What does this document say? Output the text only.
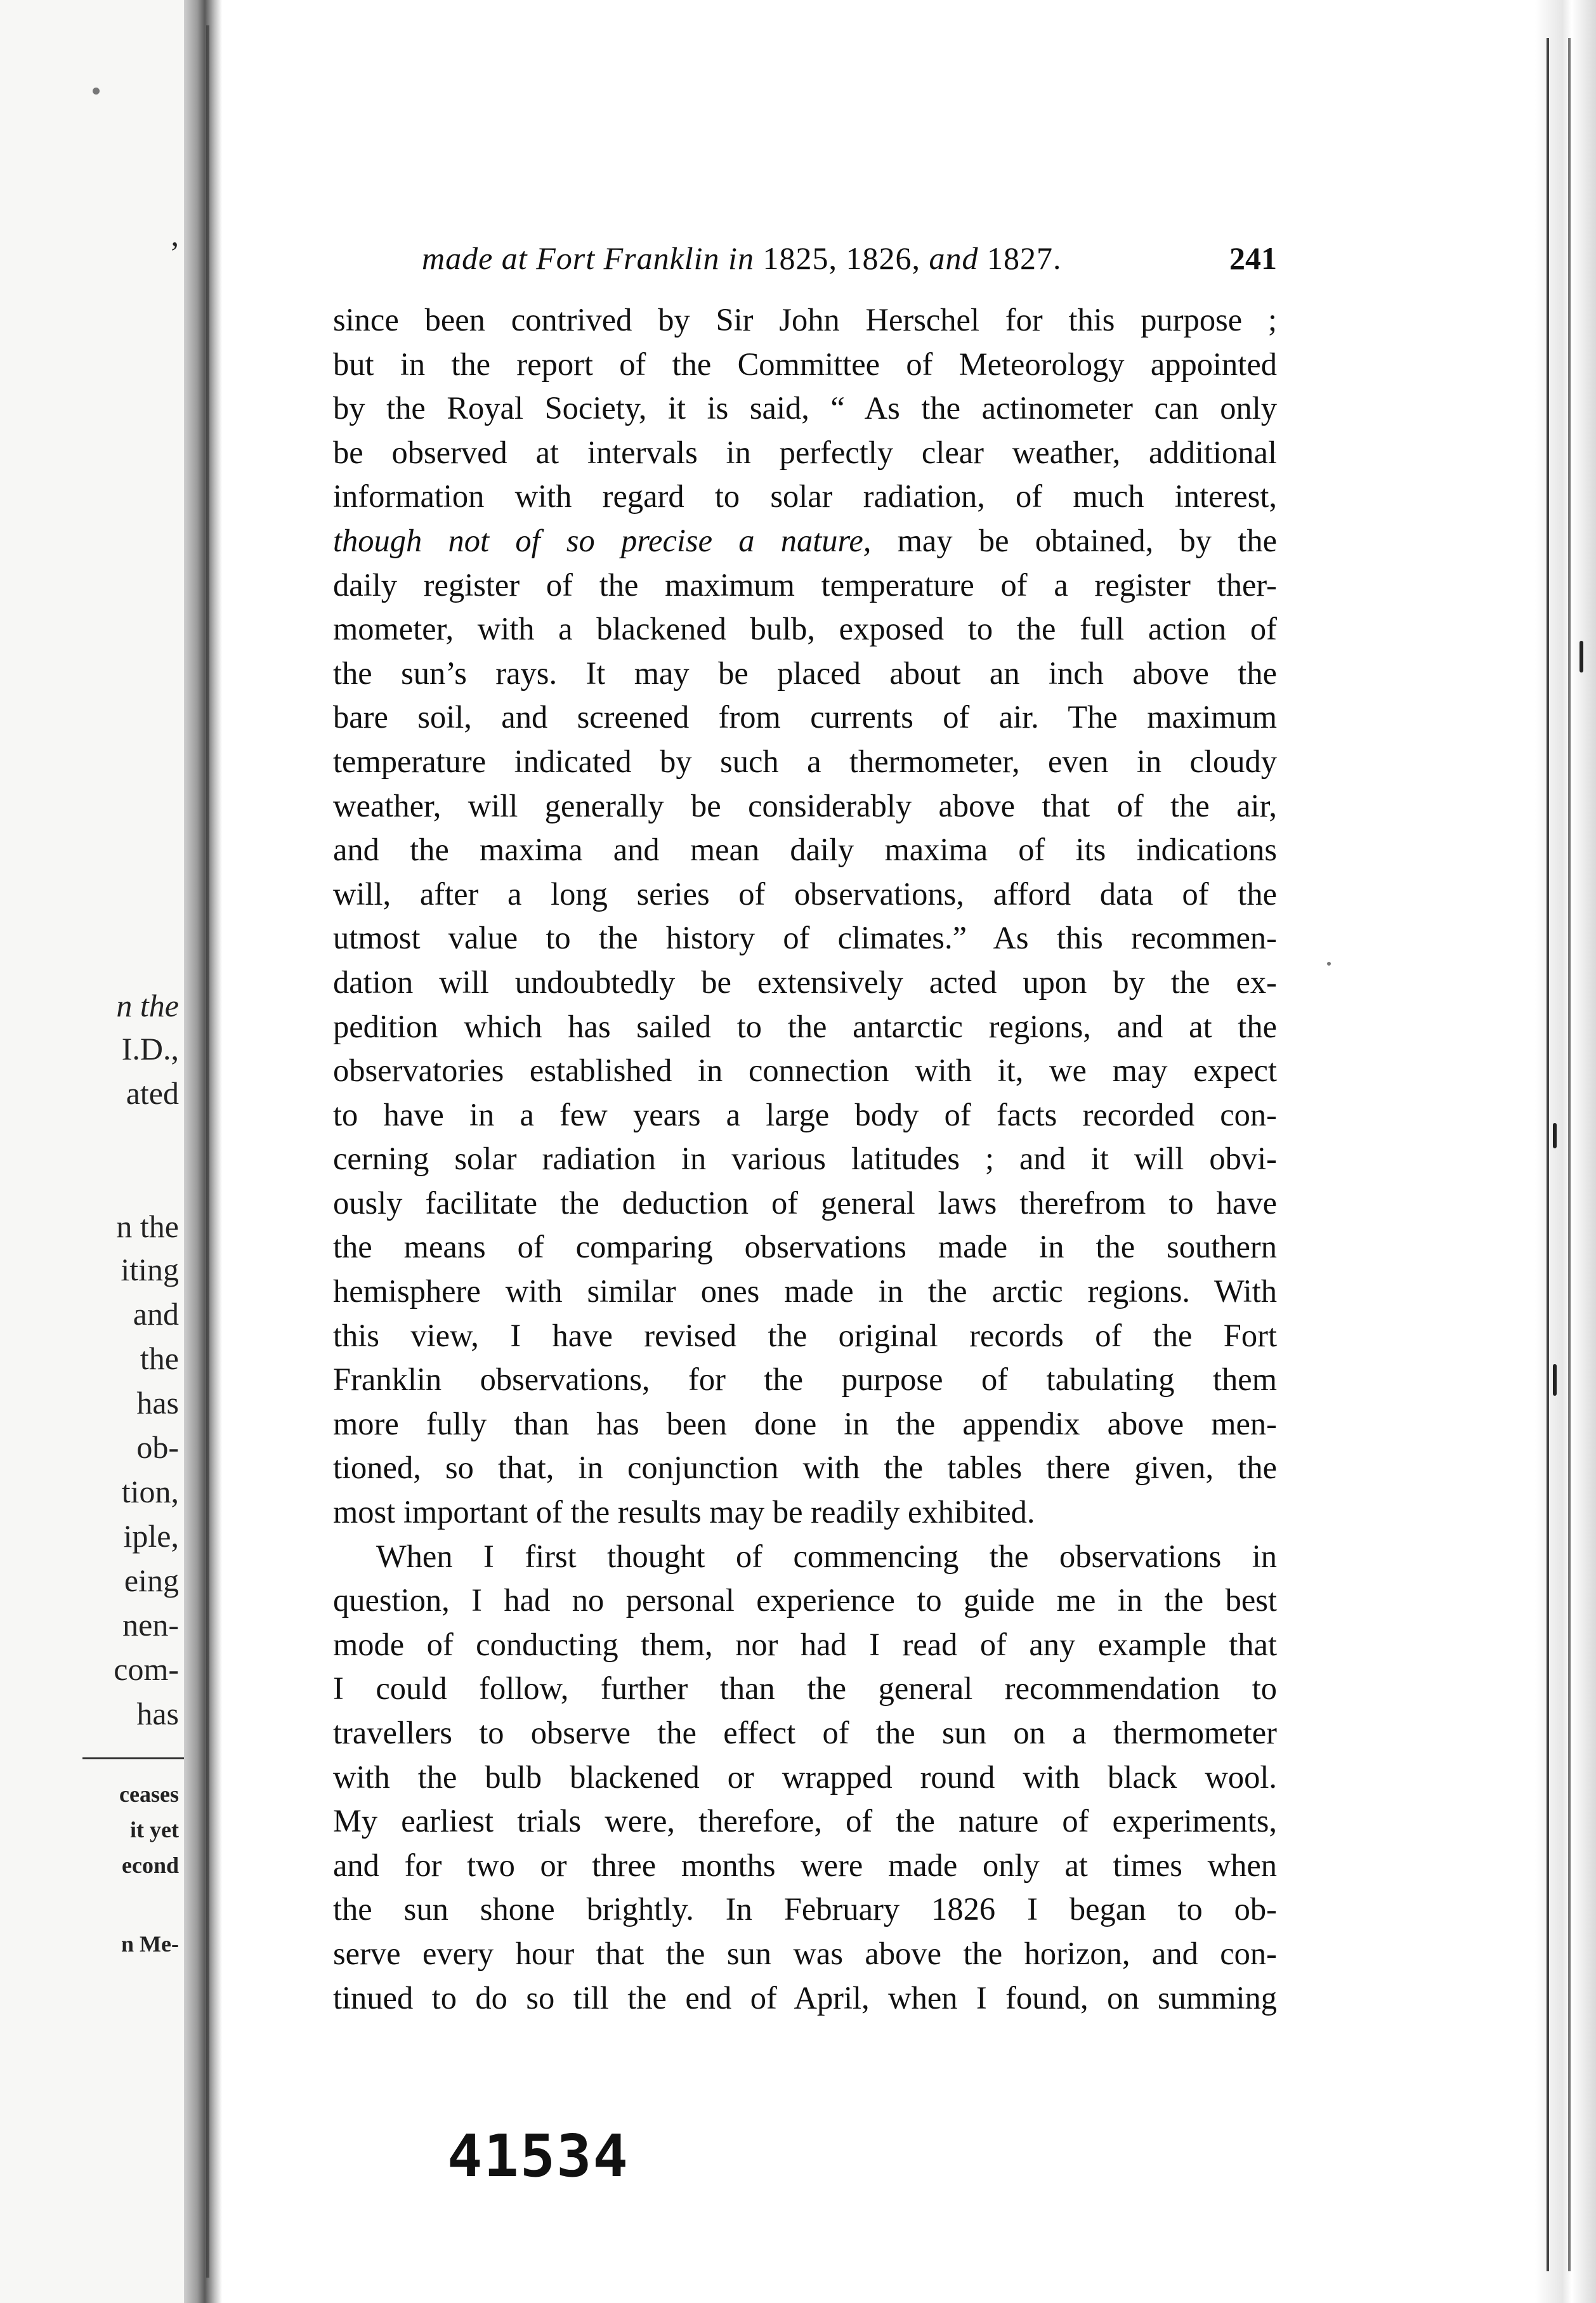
,
n the
I.D.,
ated
n the
iting
and
the
has
ob-
tion,
iple,
eing
nen-
com-
has
ceases
it yet
econd
n Me-
made at Fort Franklin in 1825, 1826, and 1827.	241
since been contrived by Sir John Herschel for this purpose ;
but in the report of the Committee of Meteorology appointed
by the Royal Society, it is said, “ As the actinometer can only
be observed at intervals in perfectly clear weather, additional
information with regard to solar radiation, of much interest,
though not of so precise a nature, may be obtained, by the
daily register of the maximum temperature of a register ther-
mometer, with a blackened bulb, exposed to the full action of
the sun’s rays. It may be placed about an inch above the
bare soil, and screened from currents of air. The maximum
temperature indicated by such a thermometer, even in cloudy
weather, will generally be considerably above that of the air,
and the maxima and mean daily maxima of its indications
will, after a long series of observations, afford data of the
utmost value to the history of climates.” As this recommen-
dation will undoubtedly be extensively acted upon by the ex-
pedition which has sailed to the antarctic regions, and at the
observatories established in connection with it, we may expect
to have in a few years a large body of facts recorded con-
cerning solar radiation in various latitudes ; and it will obvi-
ously facilitate the deduction of general laws therefrom to have
the means of comparing observations made in the southern
hemisphere with similar ones made in the arctic regions. With
this view, I have revised the original records of the Fort
Franklin observations, for the purpose of tabulating them
more fully than has been done in the appendix above men-
tioned, so that, in conjunction with the tables there given, the
most important of the results may be readily exhibited.
When I first thought of commencing the observations in
question, I had no personal experience to guide me in the best
mode of conducting them, nor had I read of any example that
I could follow, further than the general recommendation to
travellers to observe the effect of the sun on a thermometer
with the bulb blackened or wrapped round with black wool.
My earliest trials were, therefore, of the nature of experiments,
and for two or three months were made only at times when
the sun shone brightly. In February 1826 I began to ob-
serve every hour that the sun was above the horizon, and con-
tinued to do so till the end of April, when I found, on summing
41534
